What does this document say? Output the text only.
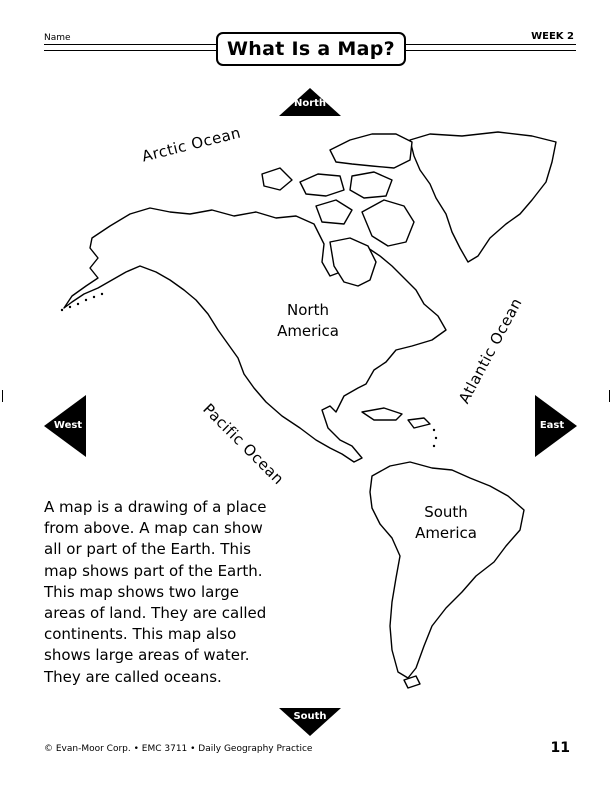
Name	WEEK 2
What Is a Map?
North
South
West	East
Arctic Ocean
Atlantic Ocean
Pacific Ocean
North
America
South
America
A map is a drawing of a place from above. A map can show all or part of the Earth. This map shows part of the Earth. This map shows two large areas of land. They are called continents. This map also shows large areas of water. They are called oceans.
© Evan-Moor Corp. • EMC 3711 • Daily Geography Practice	11
